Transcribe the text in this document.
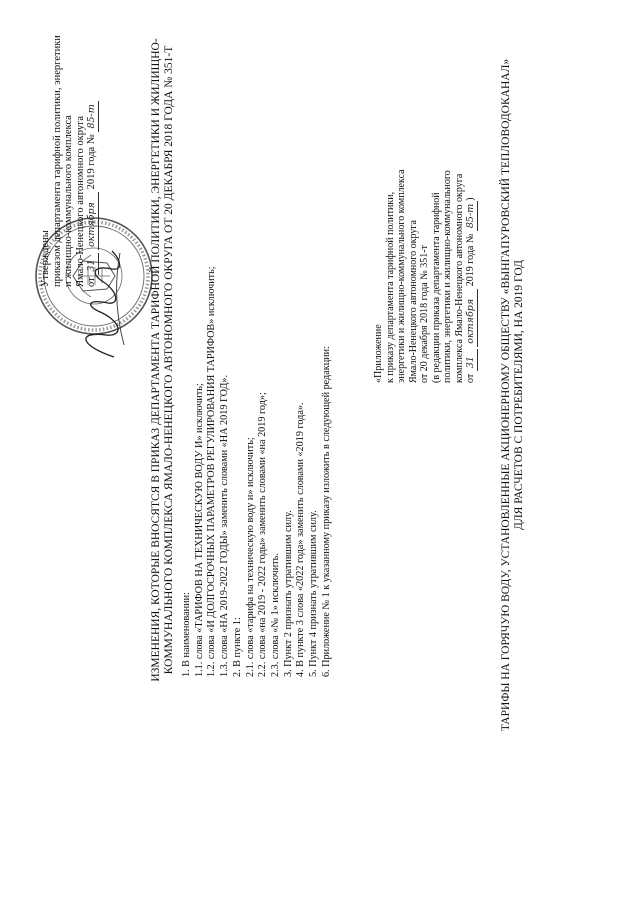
Утверждены приказом департамента тарифной политики, энергетики и жилищно-коммунального комплекса Ямало-Ненецкого автономного округа от 31 октября 2019 года № 85-т	ИЗМЕНЕНИЯ, КОТОРЫЕ ВНОСЯТСЯ В ПРИКАЗ ДЕПАРТАМЕНТА ТАРИФНОЙ ПОЛИТИКИ, ЭНЕРГЕТИКИ И ЖИЛИЩНО- КОММУНАЛЬНОГО КОМПЛЕКСА ЯМАЛО-НЕНЕЦКОГО АВТОНОМНОГО ОКРУГА ОТ 20 ДЕКАБРЯ 2018 ГОДА № 351-Т 1. В наименовании: 1.1. слова «ТАРИФОВ НА ТЕХНИЧЕСКУЮ ВОДУ И» исключить; 1.2. слова «И ДОЛГОСРОЧНЫХ ПАРАМЕТРОВ РЕГУЛИРОВАНИЯ ТАРИФОВ» исключить; 1.3. слова «НА 2019-2022 ГОДЫ» заменить словами «НА 2019 ГОД». 2. В пункте 1: 2.1. слова «тарифа на техническую воду и» исключить; 2.2. слова «на 2019 - 2022 годы» заменить словами «на 2019 год»; 2.3. слова «№ 1» исключить. 3. Пункт 2 признать утратившим силу. 4. В пункте 3 слова «2022 года» заменить словами «2019 года». 5. Пункт 4 признать утратившим силу. 6. Приложение № 1 к указанному приказу изложить в следующей редакции:	«Приложение к приказу департамента тарифной политики, энергетики и жилищно-коммунального комплекса Ямало-Ненецкого автономного округа от 20 декабря 2018 года № 351-т (в редакции приказа департамента тарифной политики, энергетики и жилищно-коммунального комплекса Ямало-Ненецкого автономного округа от 31 октября 2019 года № 85-т) ТАРИФЫ НА ГОРЯЧУЮ ВОДУ, УСТАНОВЛЕННЫЕ АКЦИОНЕРНОМУ ОБЩЕСТВУ «ВЫНГАПУРОВСКИЙ ТЕПЛОВОДОКАНАЛ» ДЛЯ РАСЧЕТОВ С ПОТРЕБИТЕЛЯМИ, НА 2019 ГОД
